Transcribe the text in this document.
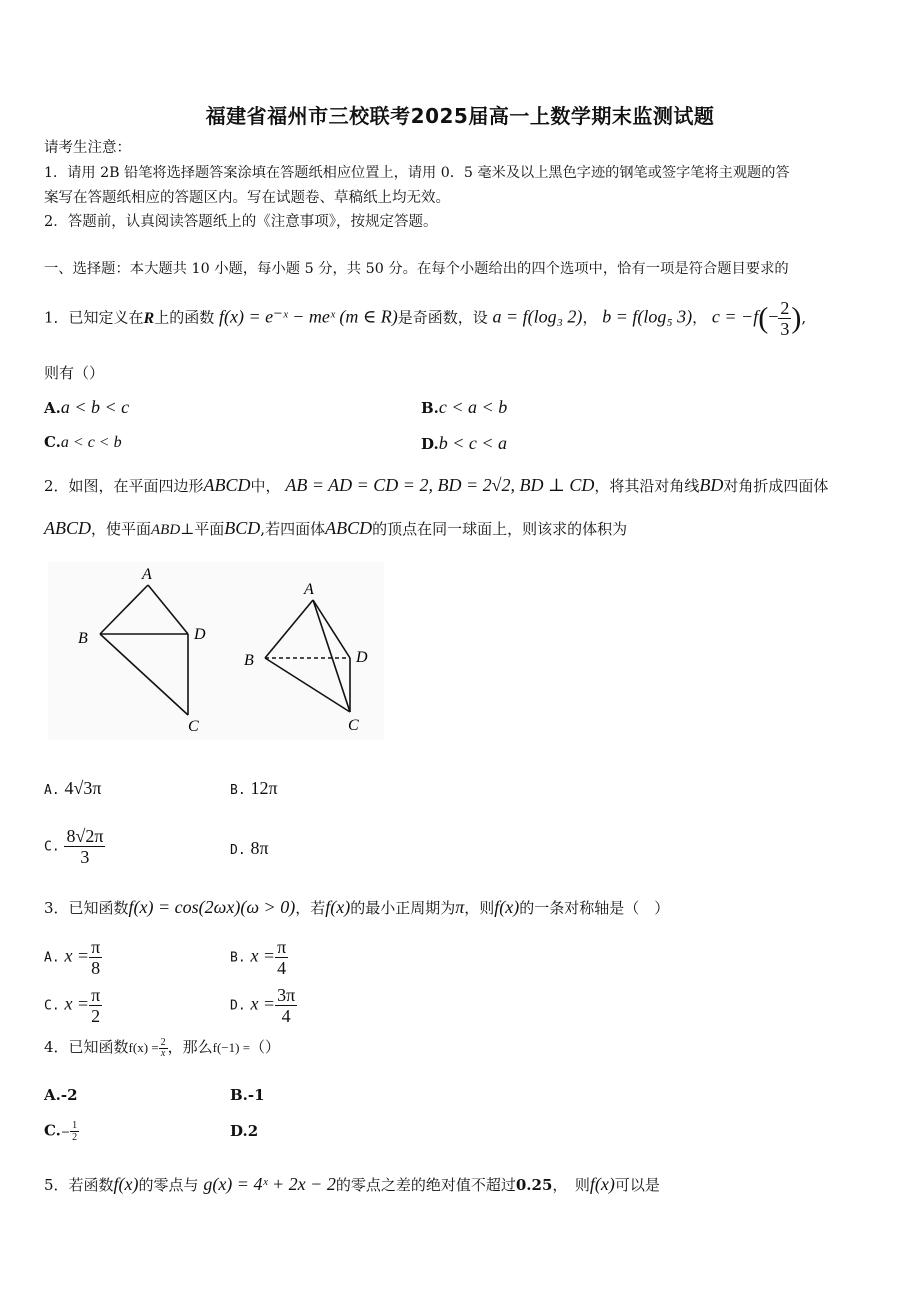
福建省福州市三校联考2025届高一上数学期末监测试题
请考生注意：
1．请用 2B 铅笔将选择题答案涂填在答题纸相应位置上，请用 0．5 毫米及以上黑色字迹的钢笔或签字笔将主观题的答
案写在答题纸相应的答题区内。写在试题卷、草稿纸上均无效。
2．答题前，认真阅读答题纸上的《注意事项》，按规定答题。
一、选择题：本大题共 10 小题，每小题 5 分，共 50 分。在每个小题给出的四个选项中，恰有一项是符合题目要求的
1．已知定义在R上的函数 f(x) = e⁻ˣ − meˣ (m ∈ R)是奇函数，设 a = f(log₃ 2)， b = f(log₅ 3)， $c = -f(- \frac{2}{3}$ ),
则有（）
A.a < b < c	B.c < a < b
C.a < c < b	D.b < c < a
2．如图，在平面四边形ABCD中， AB = AD = CD = 2, BD = 2√2, BD ⊥ CD，将其沿对角线BD对角折成四面体
ABCD，使平面ABD⊥平面BCD,若四面体ABCD的顶点在同一球面上，则该求的体积为
A
B	D
C
A
B	D
C
A. 4√3π	B. 12π
C. $\frac{8√2\pi}{3}$	D. 8π
3．已知函数f(x) = cos(2ωx)(ω > 0)，若f(x)的最小正周期为π，则f(x)的一条对称轴是（　）
A. $x = \frac{\pi}{8}$	B. $x = \frac{\pi}{4}$
C. $x = \frac{\pi}{2}$	D. $x = \frac{3\pi}{4}$
4．已知函数$f(x) = \frac{2}{x}$ ，那么f(−1) =（）
A.-2	B.-1
$C.- \frac{1}{2}$	D.2
5．若函数f(x)的零点与 g(x) = 4ˣ + 2x − 2的零点之差的绝对值不超过0.25，　则f(x)可以是
